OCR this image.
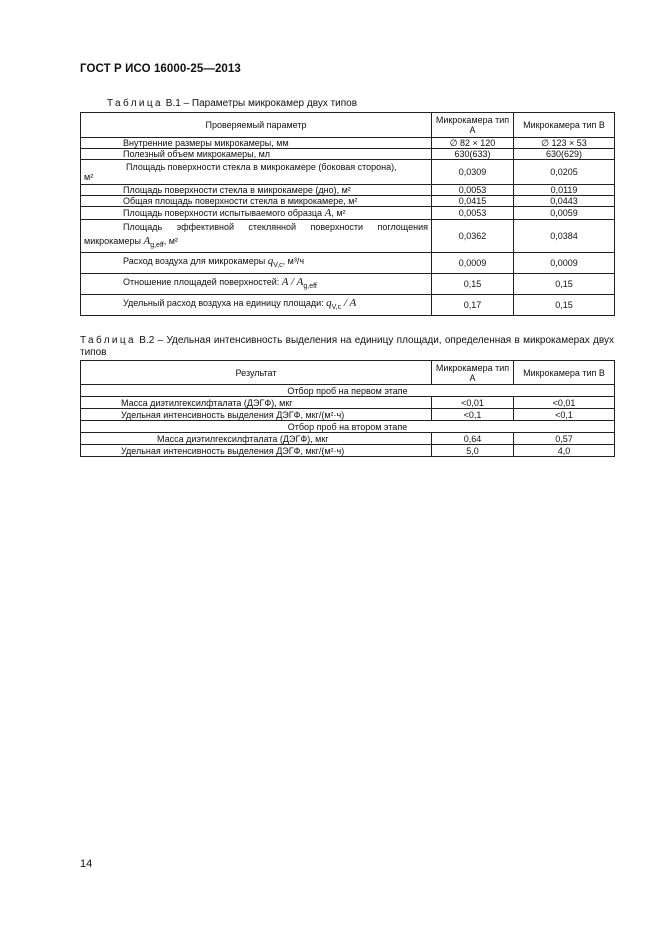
ГОСТ Р ИСО 16000-25—2013
Таблица В.1 – Параметры микрокамер двух типов
Проверяемый параметр	Микрокамера тип А	Микрокамера тип В
Внутренние размеры микрокамеры, мм	∅ 82 × 120	∅ 123 × 53
Полезный объем микрокамеры, мл	630(633)	630(629)

Площадь поверхности стекла в микрокамере (боковая сторона),
м²	0,0309	0,0205
Площадь поверхности стекла в микрокамере (дно), м²	0,0053	0,0119
Общая площадь поверхности стекла в микрокамере, м²	0,0415	0,0443
Площадь поверхности испытываемого образца A, м²	0,0053	0,0059

Площадь эффективной стеклянной поверхности поглощения
микрокамеры $A_{g,eff}$, м²	0,0362	0,0384
Расход воздуха для микрокамеры $q_{V,c}$, м³/ч	0,0009	0,0009
Отношение площадей поверхностей: A / $A_{g,eff}$	0,15	0,15
Удельный расход воздуха на единицу площади: $q_{V,c}$ / A	0,17	0,15
Таблица В.2 – Удельная интенсивность выделения на единицу площади, определенная в микрокамерах двух типов
Результат	Микрокамера тип А	Микрокамера тип В
Отбор проб на первом этапе		
Масса диэтилгексилфталата (ДЭГФ), мкг	<0,01	<0,01
Удельная интенсивность выделения ДЭГФ, мкг/(м²·ч)	<0,1	<0,1
Отбор проб на втором этапе		
Масса диэтилгексилфталата (ДЭГФ), мкг	0,64	0,57
Удельная интенсивность выделения ДЭГФ, мкг/(м²·ч)	5,0	4,0
14
